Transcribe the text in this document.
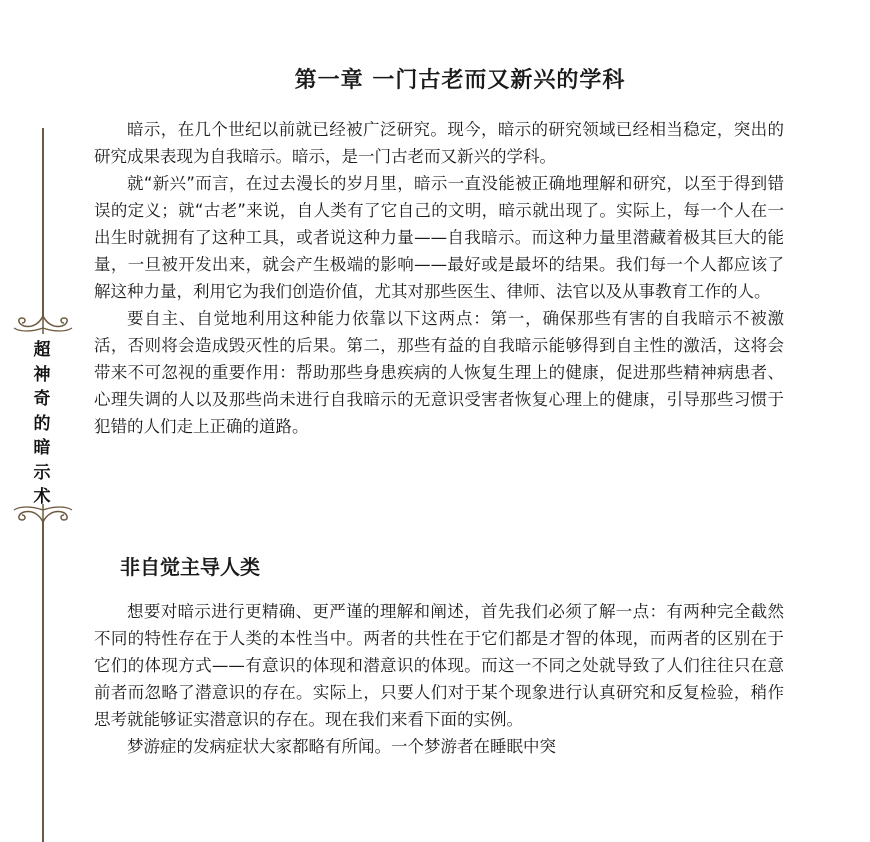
超
神
奇
的
暗
示
术
第一章 一门古老而又新兴的学科

暗示，在几个世纪以前就已经被广泛研究。现今，暗示的研究领域已经相当稳定，突出的研究成果表现为自我暗示。暗示，是一门古老而又新兴的学科。

就“新兴”而言，在过去漫长的岁月里，暗示一直没能被正确地理解和研究，以至于得到错误的定义；就“古老”来说，自人类有了它自己的文明，暗示就出现了。实际上，每一个人在一出生时就拥有了这种工具，或者说这种力量——自我暗示。而这种力量里潜藏着极其巨大的能量，一旦被开发出来，就会产生极端的影响——最好或是最坏的结果。我们每一个人都应该了解这种力量，利用它为我们创造价值，尤其对那些医生、律师、法官以及从事教育工作的人。

要自主、自觉地利用这种能力依靠以下这两点：第一，确保那些有害的自我暗示不被激活，否则将会造成毁灭性的后果。第二，那些有益的自我暗示能够得到自主性的激活，这将会带来不可忽视的重要作用：帮助那些身患疾病的人恢复生理上的健康，促进那些精神病患者、心理失调的人以及那些尚未进行自我暗示的无意识受害者恢复心理上的健康，引导那些习惯于犯错的人们走上正确的道路。

非自觉主导人类

想要对暗示进行更精确、更严谨的理解和阐述，首先我们必须了解一点：有两种完全截然不同的特性存在于人类的本性当中。两者的共性在于它们都是才智的体现，而两者的区别在于它们的体现方式——有意识的体现和潜意识的体现。而这一不同之处就导致了人们往往只在意前者而忽略了潜意识的存在。实际上，只要人们对于某个现象进行认真研究和反复检验，稍作思考就能够证实潜意识的存在。现在我们来看下面的实例。

梦游症的发病症状大家都略有所闻。一个梦游者在睡眠中突
